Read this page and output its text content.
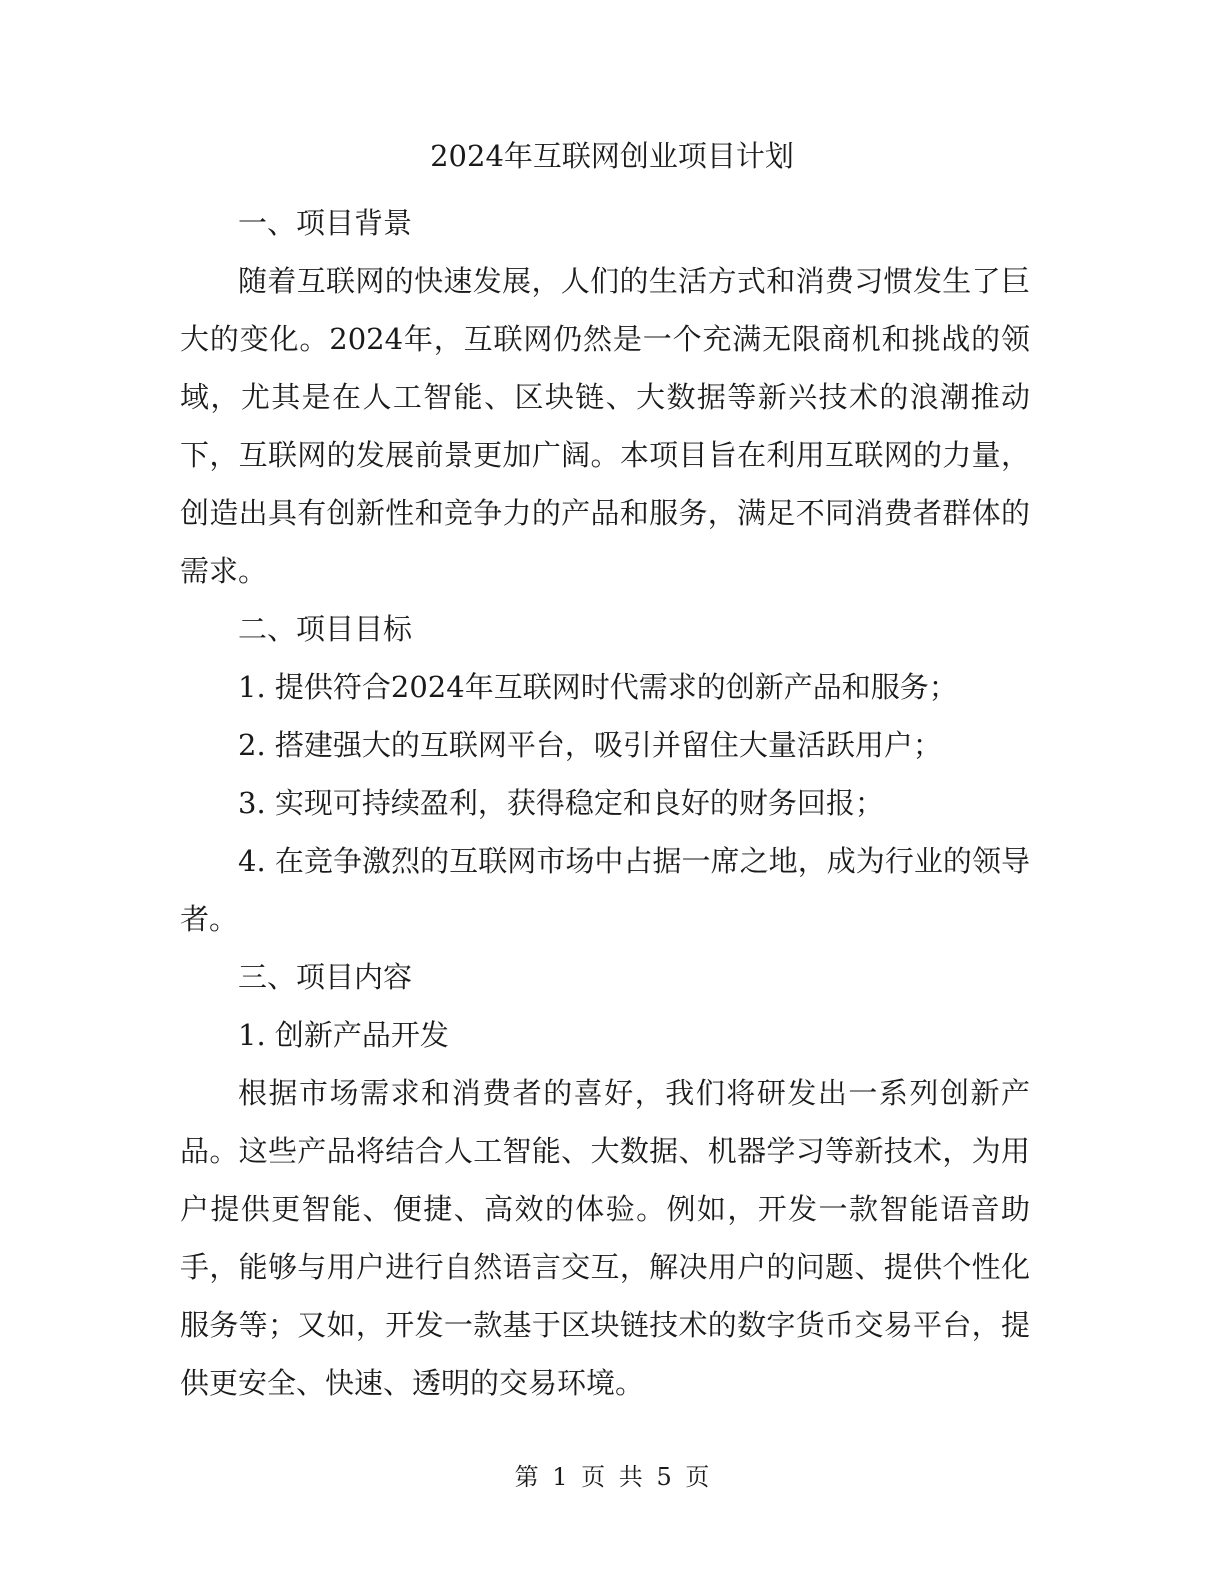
2024年互联网创业项目计划

一、项目背景

随着互联网的快速发展，人们的生活方式和消费习惯发生了巨大的变化。2024年，互联网仍然是一个充满无限商机和挑战的领域，尤其是在人工智能、区块链、大数据等新兴技术的浪潮推动下，互联网的发展前景更加广阔。本项目旨在利用互联网的力量，创造出具有创新性和竞争力的产品和服务，满足不同消费者群体的需求。

二、项目目标

1. 提供符合2024年互联网时代需求的创新产品和服务；

2. 搭建强大的互联网平台，吸引并留住大量活跃用户；

3. 实现可持续盈利，获得稳定和良好的财务回报；

4. 在竞争激烈的互联网市场中占据一席之地，成为行业的领导者。

三、项目内容

1. 创新产品开发

根据市场需求和消费者的喜好，我们将研发出一系列创新产品。这些产品将结合人工智能、大数据、机器学习等新技术，为用户提供更智能、便捷、高效的体验。例如，开发一款智能语音助手，能够与用户进行自然语言交互，解决用户的问题、提供个性化服务等；又如，开发一款基于区块链技术的数字货币交易平台，提供更安全、快速、透明的交易环境。

第 1 页 共 5 页
